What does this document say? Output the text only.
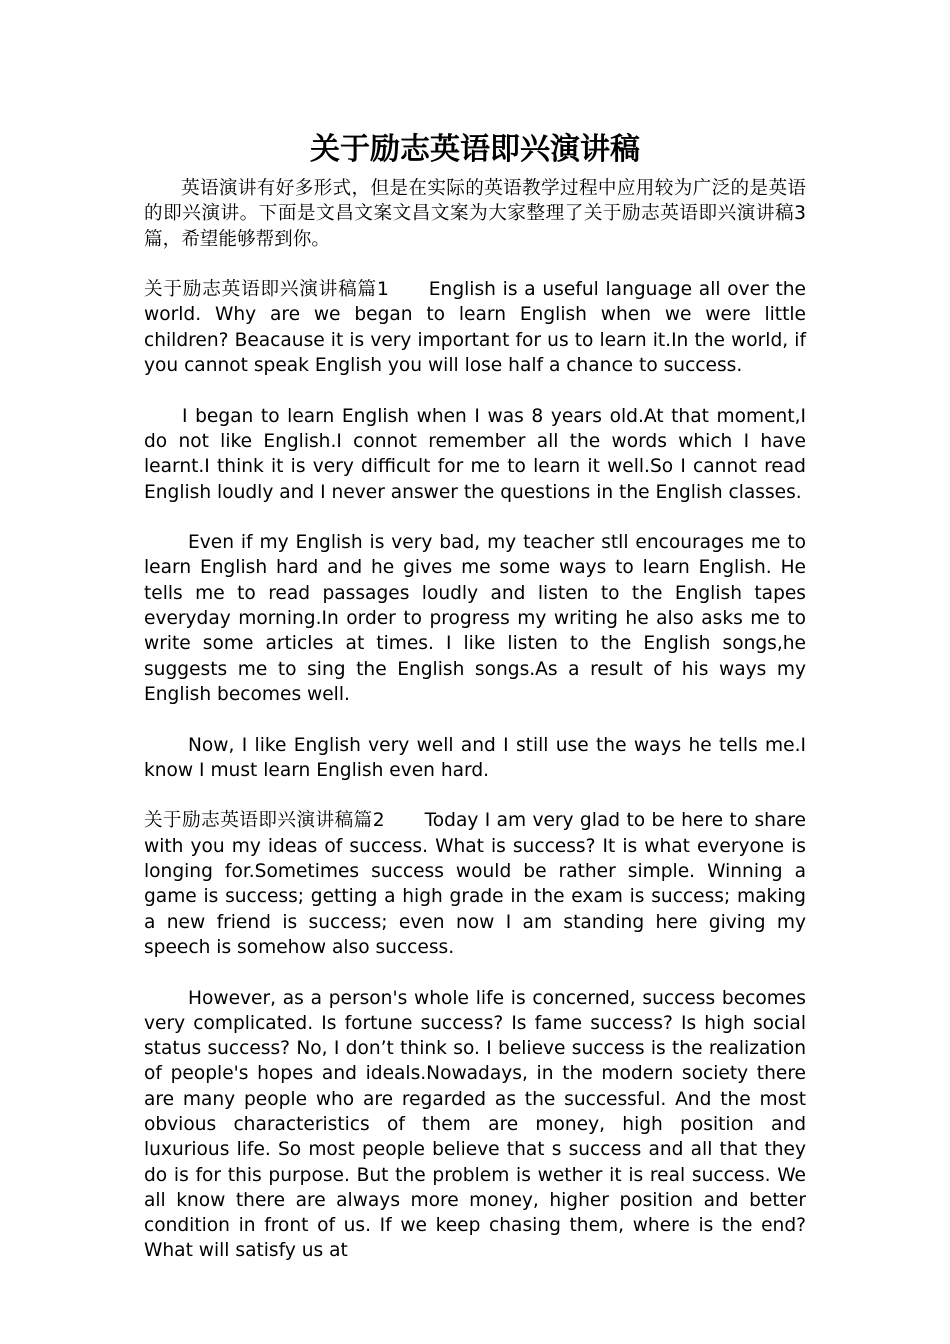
关于励志英语即兴演讲稿

英语演讲有好多形式，但是在实际的英语教学过程中应用较为广泛的是英语的即兴演讲。下面是文昌文案文昌文案为大家整理了关于励志英语即兴演讲稿3篇，希望能够帮到你。

关于励志英语即兴演讲稿篇1 English is a useful language all over the world. Why are we began to learn English when we were little children? Beacause it is very important for us to learn it.In the world, if you cannot speak English you will lose half a chance to success.

I began to learn English when I was 8 years old.At that moment,I do not like English.I connot remember all the words which I have learnt.I think it is very difficult for me to learn it well.So I cannot read English loudly and I never answer the questions in the English classes.

Even if my English is very bad, my teacher stll encourages me to learn English hard and he gives me some ways to learn English. He tells me to read passages loudly and listen to the English tapes everyday morning.In order to progress my writing he also asks me to write some articles at times. I like listen to the English songs,he suggests me to sing the English songs.As a result of his ways my English becomes well.

Now, I like English very well and I still use the ways he tells me.I know I must learn English even hard.

关于励志英语即兴演讲稿篇2 Today I am very glad to be here to share with you my ideas of success. What is success? It is what everyone is longing for.Sometimes success would be rather simple. Winning a game is success; getting a high grade in the exam is success; making a new friend is success; even now I am standing here giving my speech is somehow also success.

However, as a person's whole life is concerned, success becomes very complicated. Is fortune success? Is fame success? Is high social status success? No, I don’t think so. I believe success is the realization of people's hopes and ideals.Nowadays, in the modern society there are many people who are regarded as the successful. And the most obvious characteristics of them are money, high position and luxurious life. So most people believe that s success and all that they do is for this purpose. But the problem is wether it is real success. We all know there are always more money, higher position and better condition in front of us. If we keep chasing them, where is the end? What will satisfy us at
